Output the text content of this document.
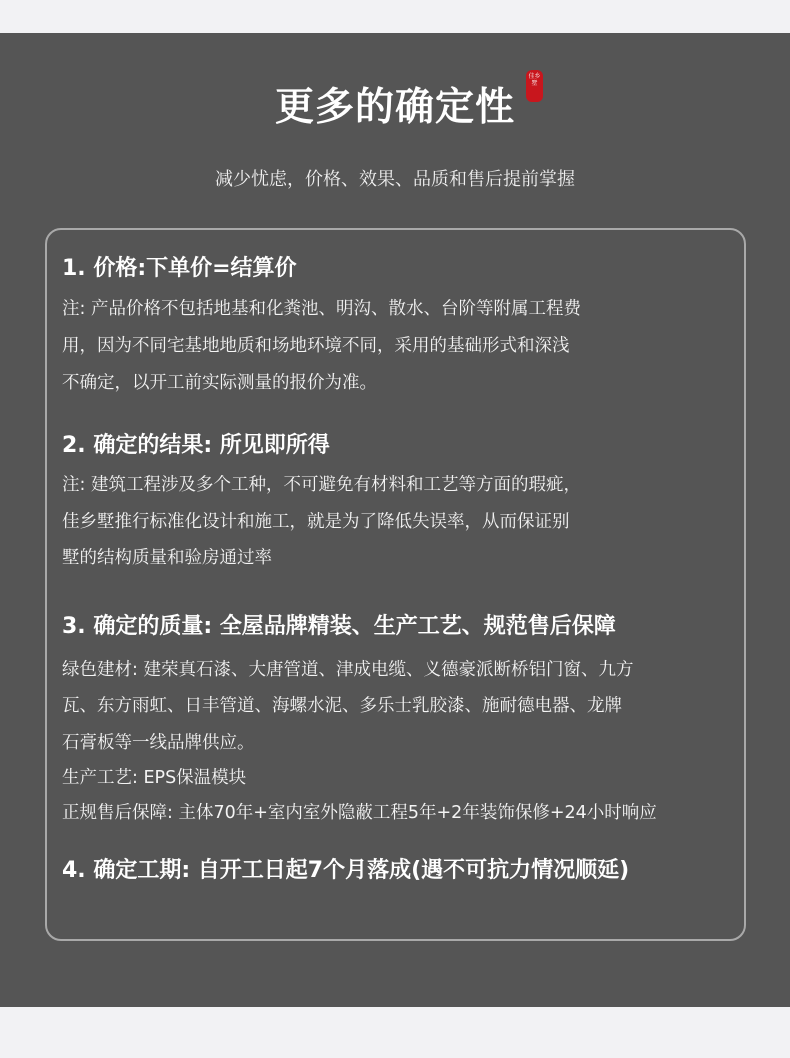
更多的确定性
佳乡墅
减少忧虑，价格、效果、品质和售后提前掌握
1. 价格:下单价=结算价
注: 产品价格不包括地基和化粪池、明沟、散水、台阶等附属工程费
用，因为不同宅基地地质和场地环境不同，采用的基础形式和深浅
不确定，以开工前实际测量的报价为准。
2. 确定的结果: 所见即所得
注: 建筑工程涉及多个工种，不可避免有材料和工艺等方面的瑕疵，
佳乡墅推行标准化设计和施工，就是为了降低失误率，从而保证别
墅的结构质量和验房通过率
3. 确定的质量: 全屋品牌精装、生产工艺、规范售后保障
绿色建材: 建荣真石漆、大唐管道、津成电缆、义德豪派断桥铝门窗、九方
瓦、东方雨虹、日丰管道、海螺水泥、多乐士乳胶漆、施耐德电器、龙牌
石膏板等一线品牌供应。
生产工艺: EPS保温模块
正规售后保障: 主体70年+室内室外隐蔽工程5年+2年装饰保修+24小时响应
4. 确定工期: 自开工日起7个月落成(遇不可抗力情况顺延)
